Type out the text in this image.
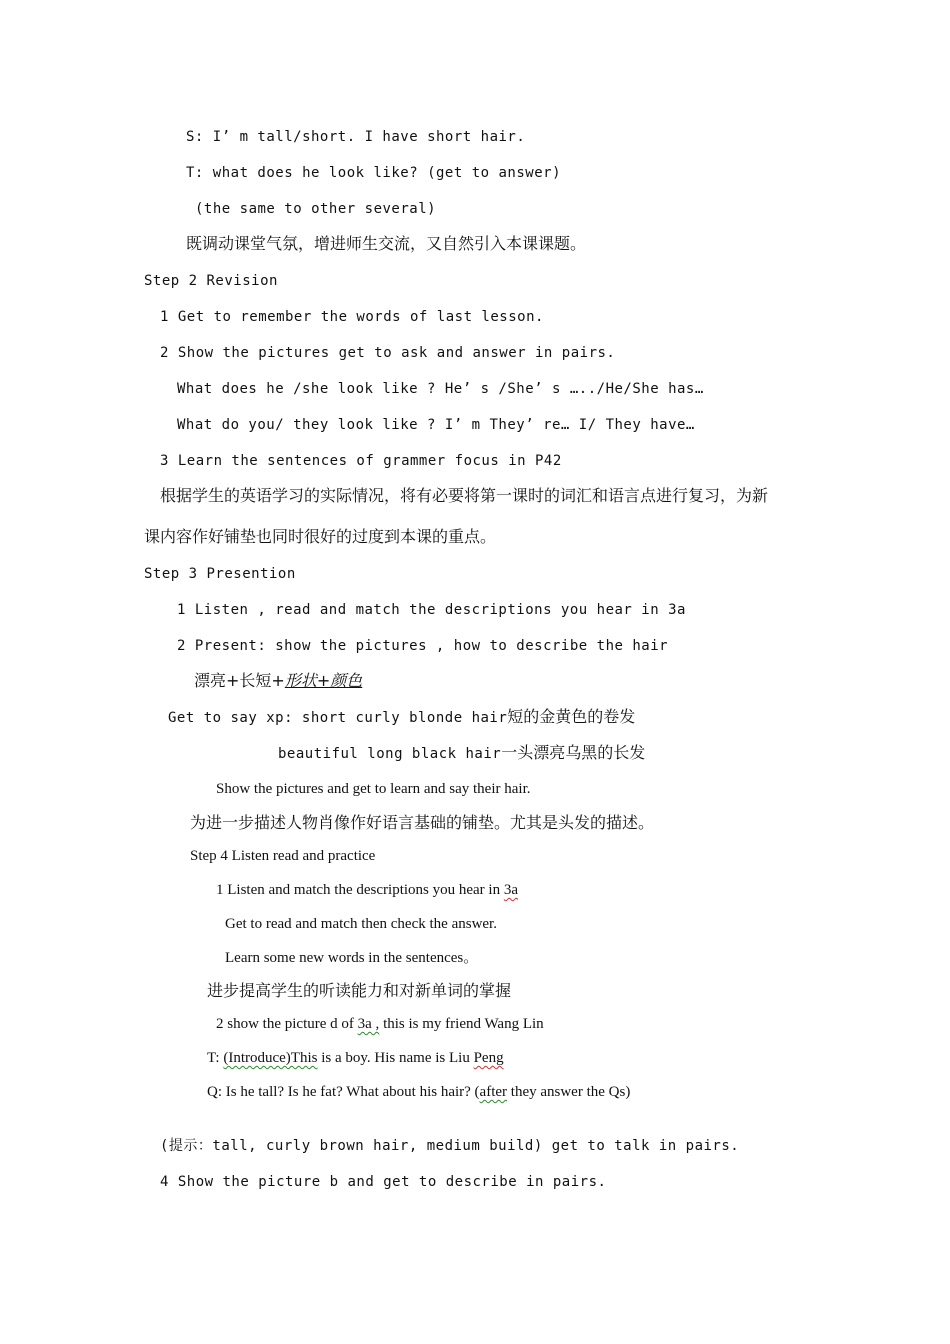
S: I’ m tall/short. I have short hair.
T: what does he look like? (get to answer)
(the same to other several)
既调动课堂气氛，增进师生交流，又自然引入本课课题。
Step 2 Revision
1 Get to remember the words of last lesson.
2 Show the pictures get to ask and answer in pairs.
What does he /she look like ? He’ s /She’ s …../He/She has…
What do you/ they look like ? I’ m They’ re… I/ They have…
3 Learn the sentences of grammer focus in P42
根据学生的英语学习的实际情况，将有必要将第一课时的词汇和语言点进行复习，为新
课内容作好铺垫也同时很好的过度到本课的重点。
Step 3 Presention
1 Listen , read and match the descriptions you hear in 3a
2 Present: show the pictures , how to describe the hair
漂亮+长短+形状+颜色
Get to say xp: short curly blonde hair短的金黄色的卷发
beautiful long black hair一头漂亮乌黑的长发
Show the pictures and get to learn and say their hair.
为进一步描述人物肖像作好语言基础的铺垫。尤其是头发的描述。
Step 4 Listen read and practice
1 Listen and match the descriptions you hear in 3a
Get to read and match then check the answer.
Learn some new words in the sentences。
进步提高学生的听读能力和对新单词的掌握
2 show the picture d of 3a , this is my friend Wang Lin
T: (Introduce)This is a boy. His name is Liu Peng
Q: Is he tall? Is he fat? What about his hair? (after they answer the Qs)
(提示：tall, curly brown hair, medium build) get to talk in pairs.
4 Show the picture b and get to describe in pairs.
